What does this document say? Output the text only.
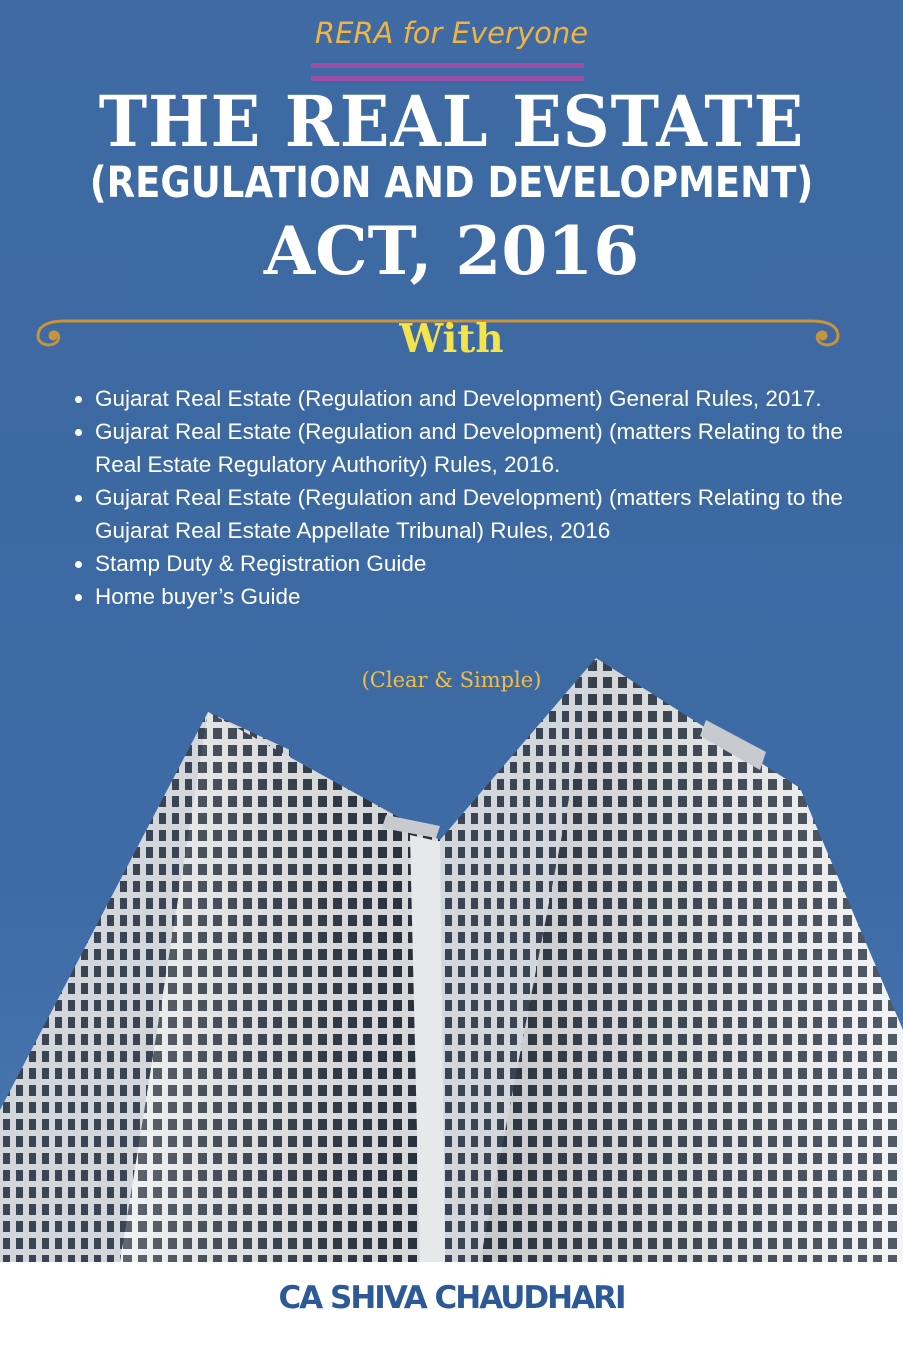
RERA for Everyone
THE REAL ESTATE
(REGULATION AND DEVELOPMENT)
ACT, 2016
With
Gujarat Real Estate (Regulation and Development) General Rules, 2017.
Gujarat Real Estate (Regulation and Development) (matters Relating to the Real Estate Regulatory Authority) Rules, 2016.
Gujarat Real Estate (Regulation and Development) (matters Relating to the Gujarat Real Estate Appellate Tribunal) Rules, 2016
Stamp Duty & Registration Guide
Home buyer’s Guide
(Clear & Simple)
CA SHIVA CHAUDHARI
